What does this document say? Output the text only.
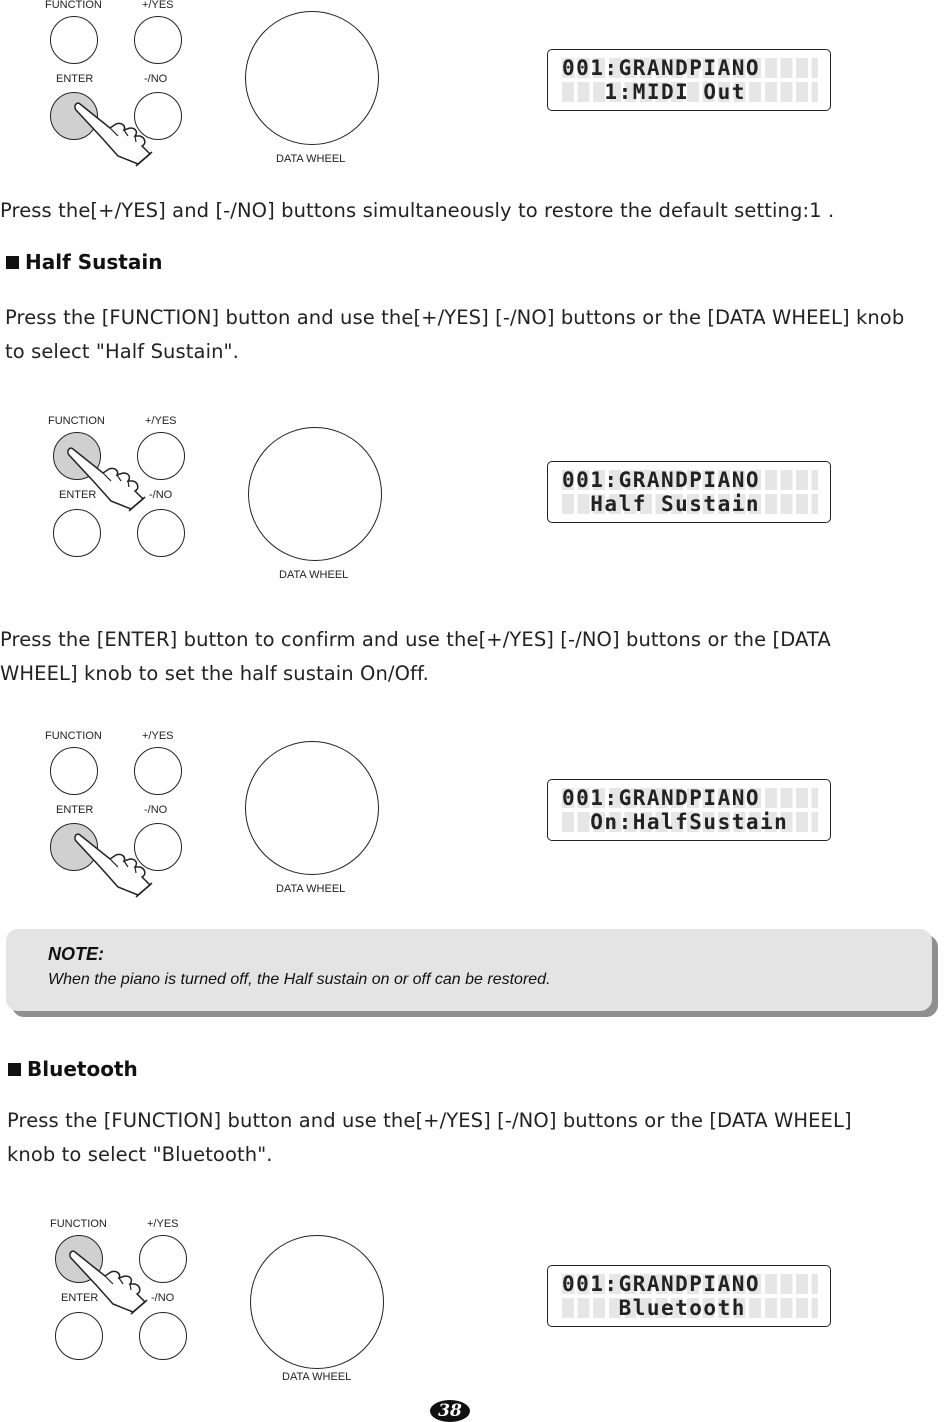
FUNCTION	+/YES
ENTER	-/NO
DATA WHEEL
001:GRANDPIANO
1:MIDI Out
Press the[+/YES] and [-/NO] buttons simultaneously to restore the default setting:1 .
Half Sustain
Press the [FUNCTION] button and use the[+/YES] [-/NO] buttons or the [DATA WHEEL] knob
to select "Half Sustain".
FUNCTION	+/YES
ENTER	-/NO
DATA WHEEL
001:GRANDPIANO
Half Sustain
Press the [ENTER] button to confirm and use the[+/YES] [-/NO] buttons or the [DATA
WHEEL] knob to set the half sustain On/Off.
FUNCTION	+/YES
ENTER	-/NO
DATA WHEEL
001:GRANDPIANO
On:HalfSustain
NOTE:
When the piano is turned off, the Half sustain on or off can be restored.
Bluetooth
Press the [FUNCTION] button and use the[+/YES] [-/NO] buttons or the [DATA WHEEL]
knob to select "Bluetooth".
FUNCTION	+/YES
ENTER	-/NO
DATA WHEEL
001:GRANDPIANO
Bluetooth
38
